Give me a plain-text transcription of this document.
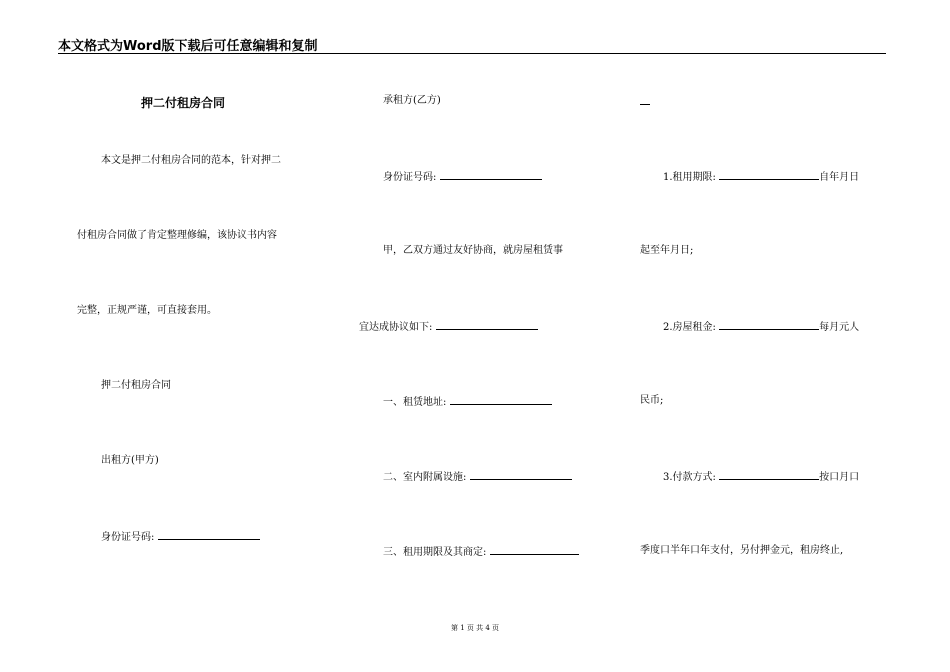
本文格式为Word版下载后可任意编辑和复制
押二付租房合同
本文是押二付租房合同的范本，针对押二
付租房合同做了肯定整理修编，该协议书内容
完整，正规严谨，可直接套用。
押二付租房合同
出租方(甲方)
身份证号码:
承租方(乙方)
身份证号码:
甲，乙双方通过友好协商，就房屋租赁事
宜达成协议如下:
一、租赁地址:
二、室内附属设施:
三、租用期限及其商定:
1.租用期限:	自年月日
起至年月日;
2.房屋租金:	每月元人
民币;
3.付款方式:	按口月口
季度口半年口年支付，另付押金元，租房终止,
第 1 页 共 4 页
